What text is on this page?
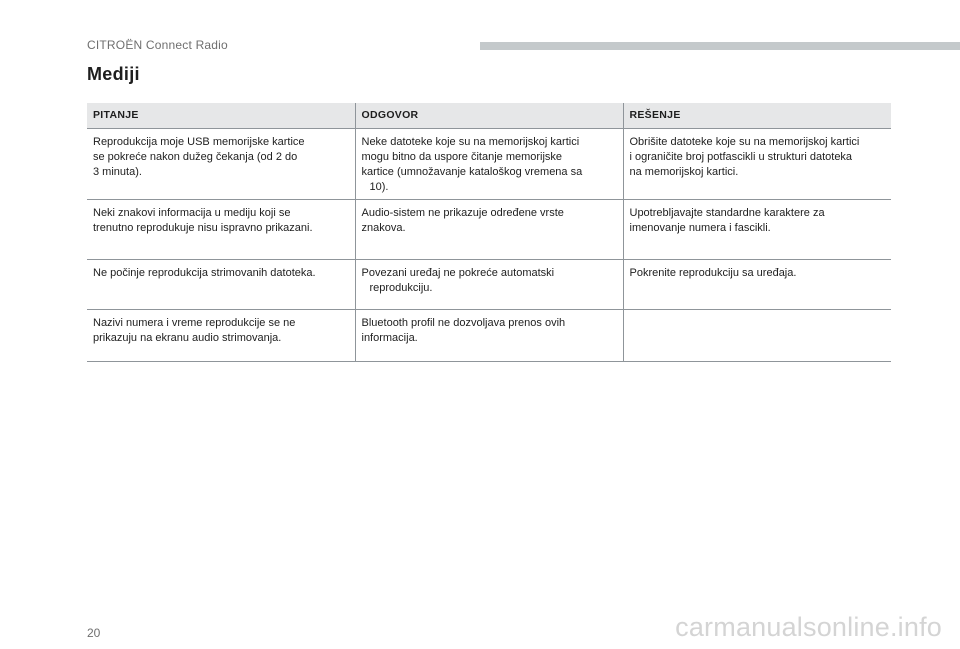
CITROËN Connect Radio
Mediji
PITANJE	ODGOVOR	REŠENJE
Reprodukcija moje USB memorijske kartice
se pokreće nakon dužeg čekanja (od 2 do
3 minuta).	Neke datoteke koje su na memorijskoj kartici
mogu bitno da uspore čitanje memorijske
kartice (umnožavanje kataloškog vremena sa

10).	Obrišite datoteke koje su na memorijskoj kartici
i ograničite broj potfascikli u strukturi datoteka
na memorijskoj kartici.
Neki znakovi informacija u mediju koji se
trenutno reprodukuje nisu ispravno prikazani.	Audio-sistem ne prikazuje određene vrste
znakova.	Upotrebljavajte standardne karaktere za
imenovanje numera i fascikli.
Ne počinje reprodukcija strimovanih datoteka.	Povezani uređaj ne pokreće automatski

reprodukciju.	Pokrenite reprodukciju sa uređaja.
Nazivi numera i vreme reprodukcije se ne
prikazuju na ekranu audio strimovanja.	Bluetooth profil ne dozvoljava prenos ovih
informacija.	
20	carmanualsonline.info
